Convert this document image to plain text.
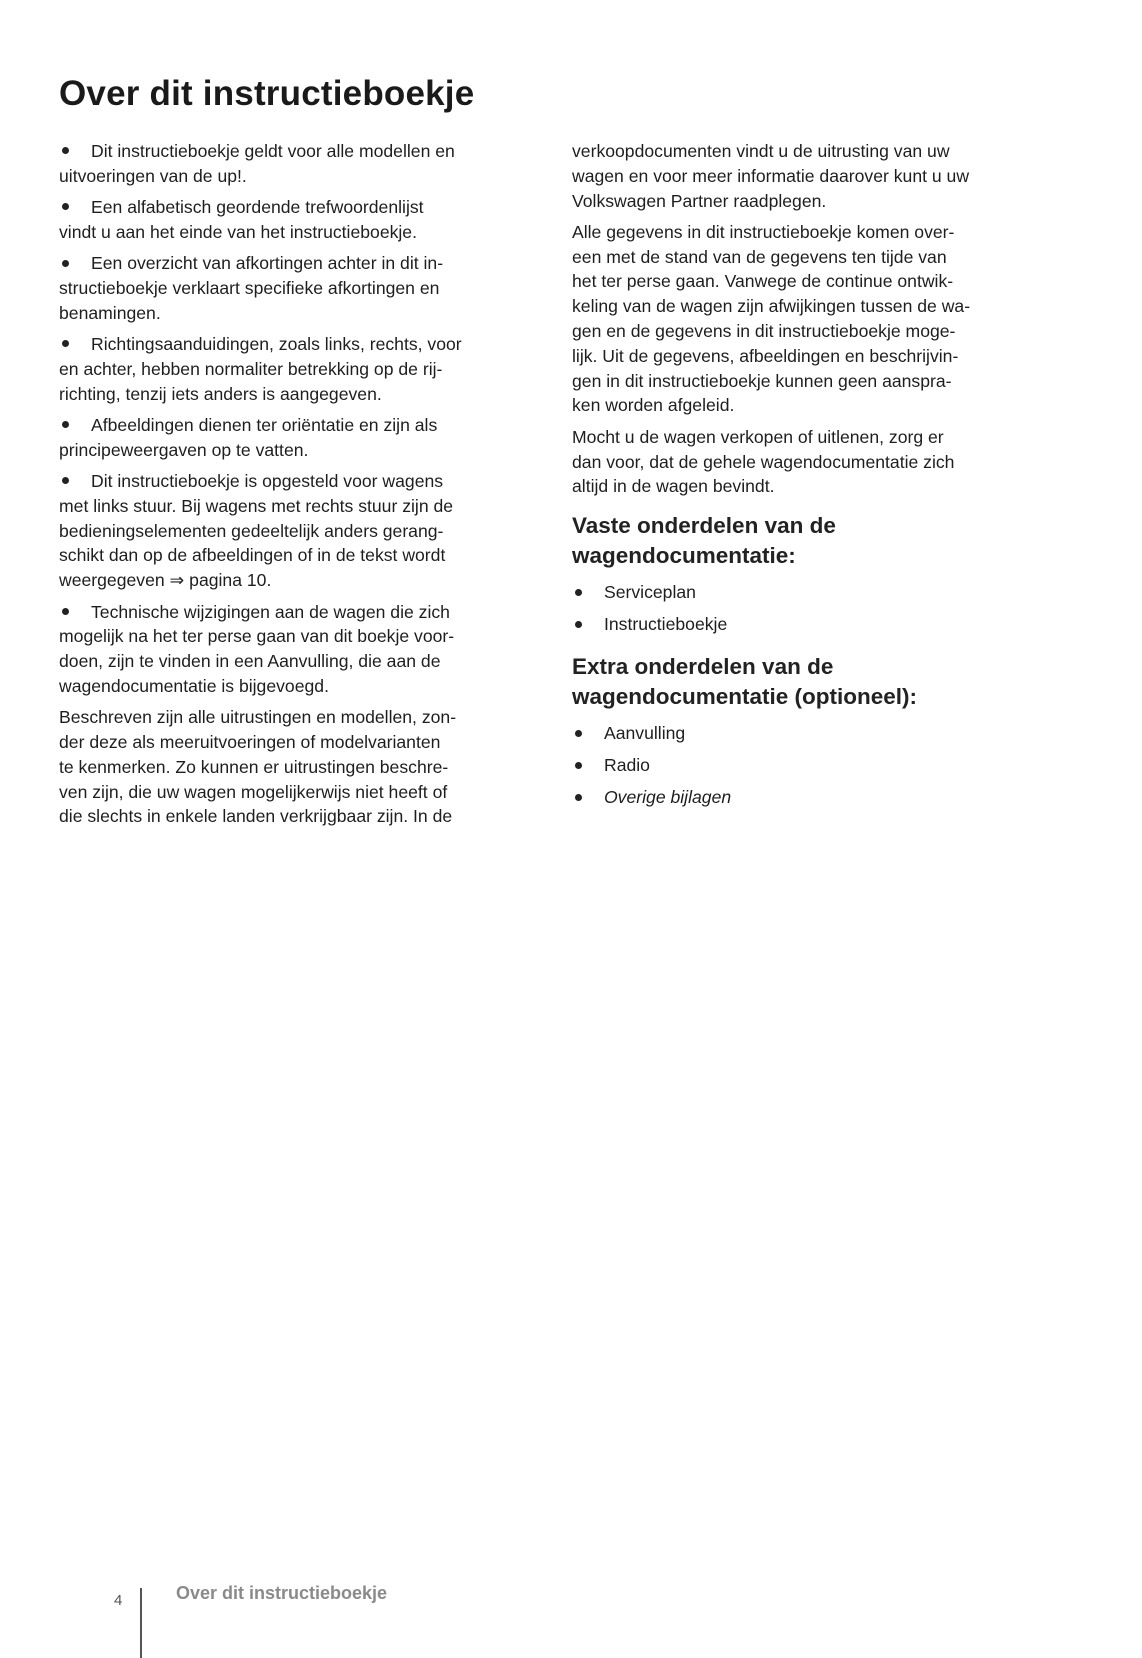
Over dit instructieboekje

Dit instructieboekje geldt voor alle modellen en
uitvoeringen van de up!.

Een alfabetisch geordende trefwoordenlijst
vindt u aan het einde van het instructieboekje.

Een overzicht van afkortingen achter in dit in-
structieboekje verklaart specifieke afkortingen en
benamingen.

Richtingsaanduidingen, zoals links, rechts, voor
en achter, hebben normaliter betrekking op de rij-
richting, tenzij iets anders is aangegeven.

Afbeeldingen dienen ter oriëntatie en zijn als
principeweergaven op te vatten.

Dit instructieboekje is opgesteld voor wagens
met links stuur. Bij wagens met rechts stuur zijn de
bedieningselementen gedeeltelijk anders gerang-
schikt dan op de afbeeldingen of in de tekst wordt
weergegeven ⇒ pagina 10.

Technische wijzigingen aan de wagen die zich
mogelijk na het ter perse gaan van dit boekje voor-
doen, zijn te vinden in een Aanvulling, die aan de
wagendocumentatie is bijgevoegd.

Beschreven zijn alle uitrustingen en modellen, zon-
der deze als meeruitvoeringen of modelvarianten
te kenmerken. Zo kunnen er uitrustingen beschre-
ven zijn, die uw wagen mogelijkerwijs niet heeft of
die slechts in enkele landen verkrijgbaar zijn. In de

verkoopdocumenten vindt u de uitrusting van uw
wagen en voor meer informatie daarover kunt u uw
Volkswagen Partner raadplegen.

Alle gegevens in dit instructieboekje komen over-
een met de stand van de gegevens ten tijde van
het ter perse gaan. Vanwege de continue ontwik-
keling van de wagen zijn afwijkingen tussen de wa-
gen en de gegevens in dit instructieboekje moge-
lijk. Uit de gegevens, afbeeldingen en beschrijvin-
gen in dit instructieboekje kunnen geen aanspra-
ken worden afgeleid.

Mocht u de wagen verkopen of uitlenen, zorg er
dan voor, dat de gehele wagendocumentatie zich
altijd in de wagen bevindt.

Vaste onderdelen van de
wagendocumentatie:
Serviceplan
Instructieboekje
Extra onderdelen van de
wagendocumentatie (optioneel):
Aanvulling
Radio
Overige bijlagen
4	Over dit instructieboekje
